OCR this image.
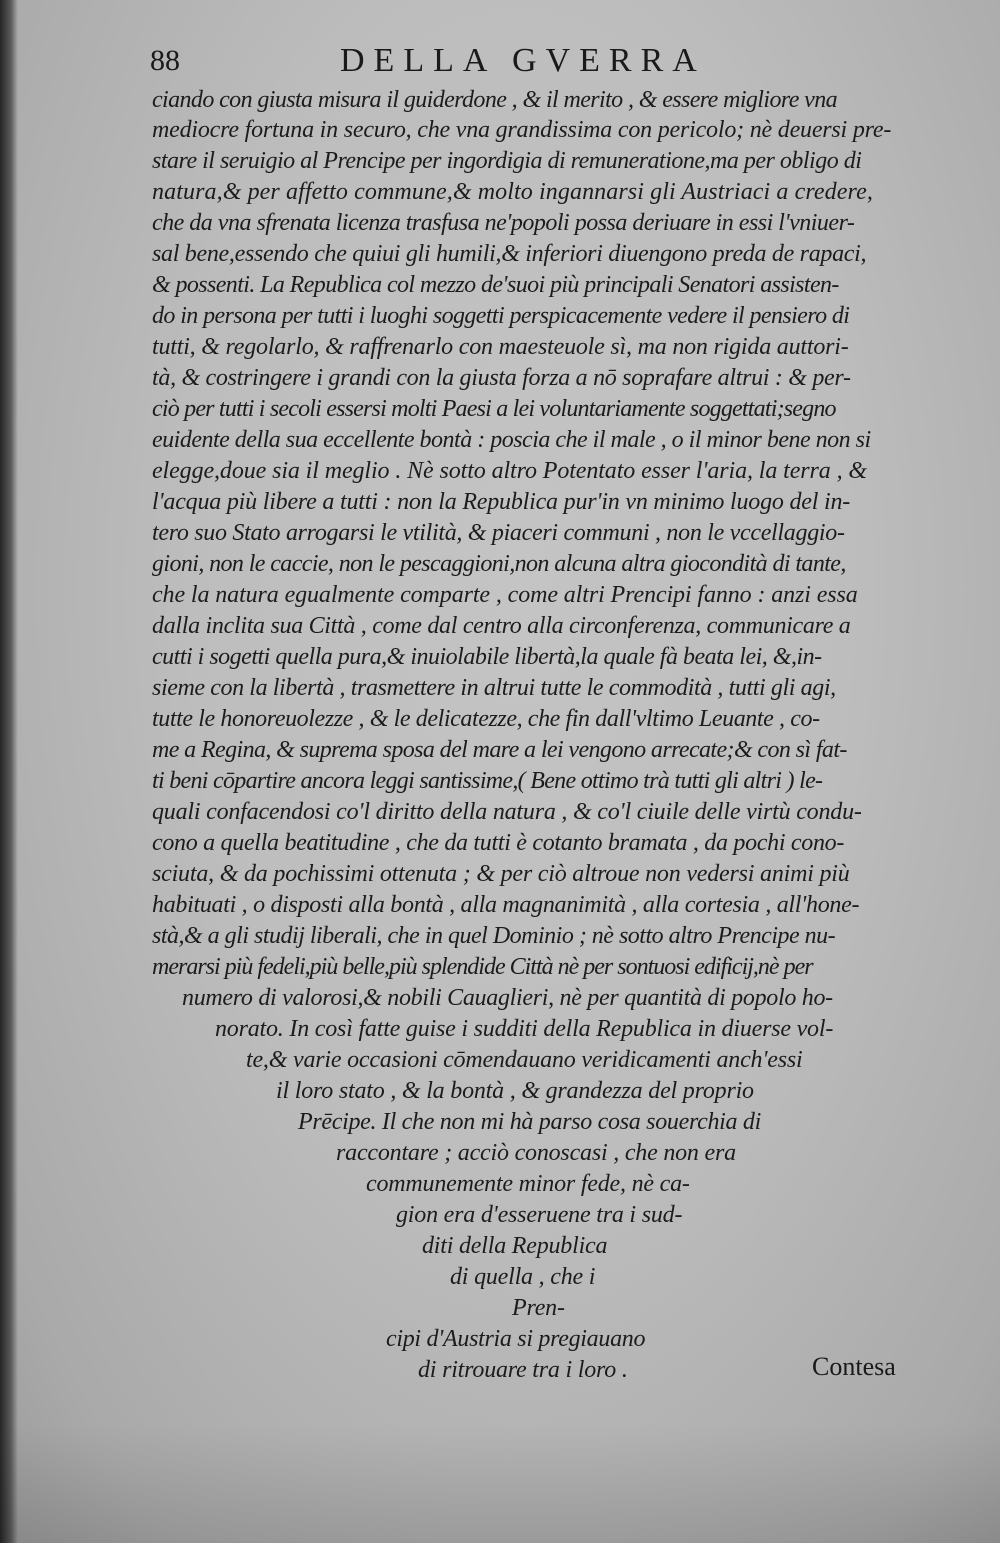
88	DELLA GVERRA
ciando con giusta misura il guiderdone , & il merito , & essere migliore vna
mediocre fortuna in securo, che vna grandissima con pericolo; nè deuersi pre-
stare il seruigio al Prencipe per ingordigia di remuneratione,ma per obligo di
natura,& per affetto commune,& molto ingannarsi gli Austriaci a credere,
che da vna sfrenata licenza trasfusa ne'popoli possa deriuare in essi l'vniuer-
sal bene,essendo che quiui gli humili,& inferiori diuengono preda de rapaci,
& possenti. La Republica col mezzo de'suoi più principali Senatori assisten-
do in persona per tutti i luoghi soggetti perspicacemente vedere il pensiero di
tutti, & regolarlo, & raffrenarlo con maesteuole sì, ma non rigida auttori-
tà, & costringere i grandi con la giusta forza a nō soprafare altrui : & per-
ciò per tutti i secoli essersi molti Paesi a lei voluntariamente soggettati;segno
euidente della sua eccellente bontà : poscia che il male , o il minor bene non si
elegge,doue sia il meglio . Nè sotto altro Potentato esser l'aria, la terra , &
l'acqua più libere a tutti : non la Republica pur'in vn minimo luogo del in-
tero suo Stato arrogarsi le vtilità, & piaceri communi , non le vccellaggio-
gioni, non le caccie, non le pescaggioni,non alcuna altra giocondità di tante,
che la natura egualmente comparte , come altri Prencipi fanno : anzi essa
dalla inclita sua Città , come dal centro alla circonferenza, communicare a
cutti i sogetti quella pura,& inuiolabile libertà,la quale fà beata lei, &,in-
sieme con la libertà , trasmettere in altrui tutte le commodità , tutti gli agi,
tutte le honoreuolezze , & le delicatezze, che fin dall'vltimo Leuante , co-
me a Regina, & suprema sposa del mare a lei vengono arrecate;& con sì fat-
ti beni cōpartire ancora leggi santissime,( Bene ottimo trà tutti gli altri ) le-
quali confacendosi co'l diritto della natura , & co'l ciuile delle virtù condu-
cono a quella beatitudine , che da tutti è cotanto bramata , da pochi cono-
sciuta, & da pochissimi ottenuta ; & per ciò altroue non vedersi animi più
habituati , o disposti alla bontà , alla magnanimità , alla cortesia , all'hone-
stà,& a gli studij liberali, che in quel Dominio ; nè sotto altro Prencipe nu-
merarsi più fedeli,più belle,più splendide Città nè per sontuosi edificij,nè per
numero di valorosi,& nobili Cauaglieri, nè per quantità di popolo ho-
norato. In così fatte guise i sudditi della Republica in diuerse vol-
te,& varie occasioni cōmendauano veridicamenti anch'essi
il loro stato , & la bontà , & grandezza del proprio
Prēcipe. Il che non mi hà parso cosa souerchia di
raccontare ; acciò conoscasi , che non era
communemente minor fede, nè ca-
gion era d'esseruene tra i sud-
diti della Republica
di quella , che i
Pren-
cipi d'Austria si pregiauano
di ritrouare tra i loro .	Contesa
